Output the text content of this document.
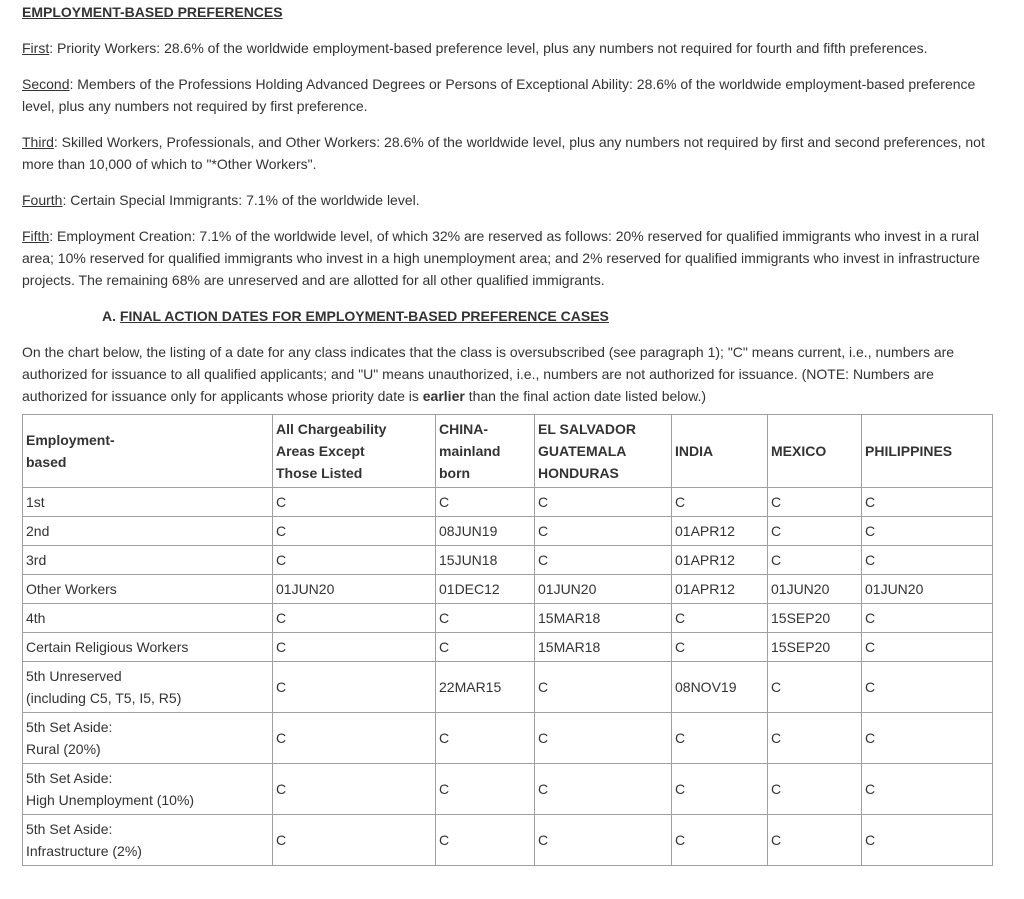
EMPLOYMENT-BASED PREFERENCES

First: Priority Workers: 28.6% of the worldwide employment-based preference level, plus any numbers not required for fourth and fifth preferences.

Second: Members of the Professions Holding Advanced Degrees or Persons of Exceptional Ability: 28.6% of the worldwide employment-based preference level, plus any numbers not required by first preference.

Third: Skilled Workers, Professionals, and Other Workers: 28.6% of the worldwide level, plus any numbers not required by first and second preferences, not more than 10,000 of which to "*Other Workers".

Fourth: Certain Special Immigrants: 7.1% of the worldwide level.

Fifth: Employment Creation: 7.1% of the worldwide level, of which 32% are reserved as follows: 20% reserved for qualified immigrants who invest in a rural area; 10% reserved for qualified immigrants who invest in a high unemployment area; and 2% reserved for qualified immigrants who invest in infrastructure projects. The remaining 68% are unreserved and are allotted for all other qualified immigrants.

A. FINAL ACTION DATES FOR EMPLOYMENT-BASED PREFERENCE CASES

On the chart below, the listing of a date for any class indicates that the class is oversubscribed (see paragraph 1); "C" means current, i.e., numbers are authorized for issuance to all qualified applicants; and "U" means unauthorized, i.e., numbers are not authorized for issuance. (NOTE: Numbers are authorized for issuance only for applicants whose priority date is earlier than the final action date listed below.)

Employment-
based	All Chargeability
Areas Except
Those Listed	CHINA-
mainland
born	EL SALVADOR
GUATEMALA
HONDURAS	INDIA	MEXICO	PHILIPPINES

1st	C	C	C	C	C	C

2nd	C	08JUN19	C	01APR12	C	C

3rd	C	15JUN18	C	01APR12	C	C

Other Workers	01JUN20	01DEC12	01JUN20	01APR12	01JUN20	01JUN20

4th	C	C	15MAR18	C	15SEP20	C

Certain Religious Workers	C	C	15MAR18	C	15SEP20	C

5th Unreserved
(including C5, T5, I5, R5)	C	22MAR15	C	08NOV19	C	C

5th Set Aside:
Rural (20%)	C	C	C	C	C	C

5th Set Aside:
High Unemployment (10%)	C	C	C	C	C	C

5th Set Aside:
Infrastructure (2%)	C	C	C	C	C	C
